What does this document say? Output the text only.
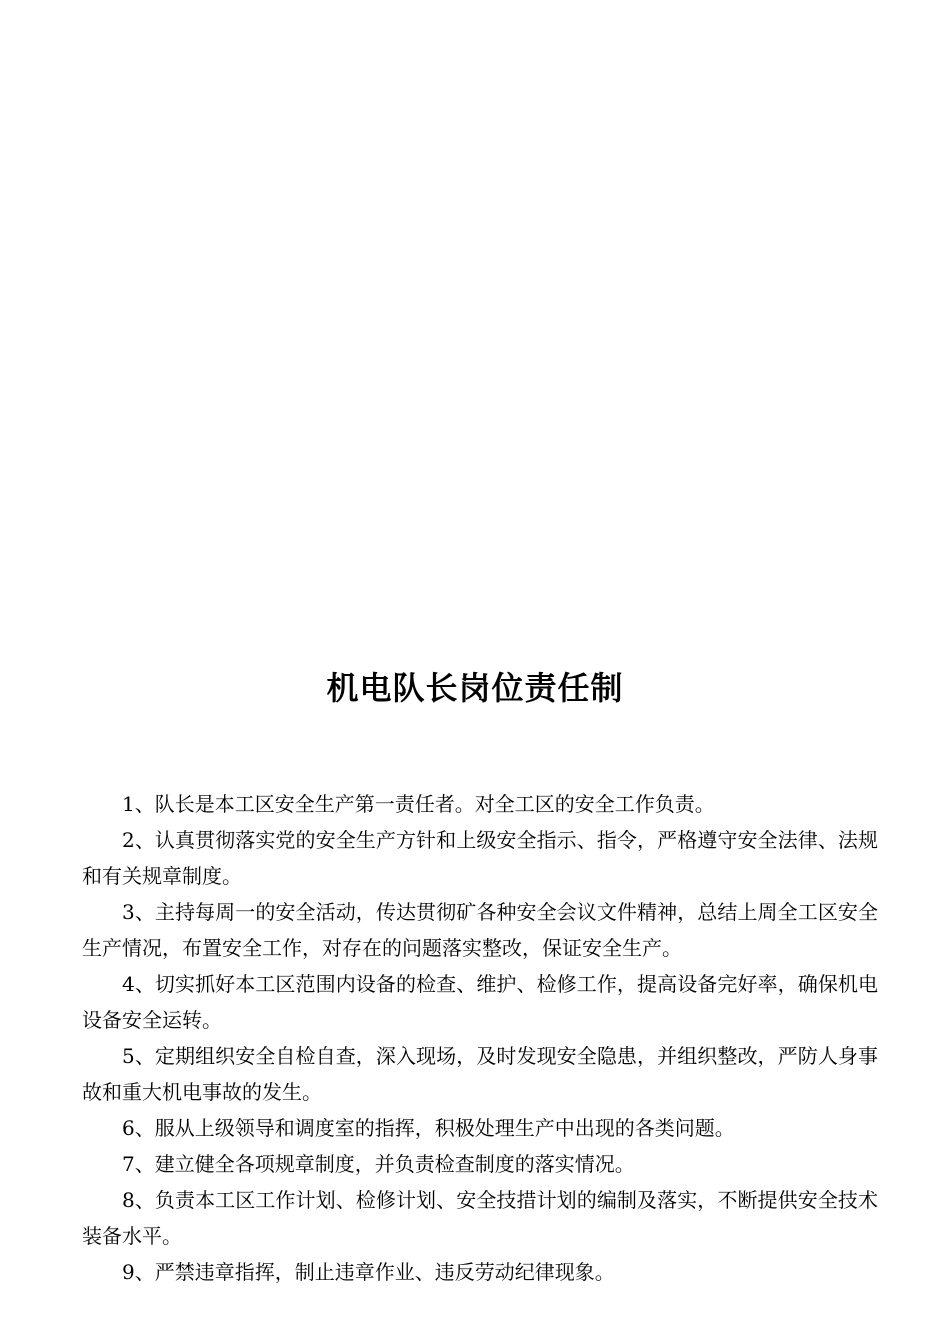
机电队长岗位责任制

1、队长是本工区安全生产第一责任者。对全工区的安全工作负责。

2、认真贯彻落实党的安全生产方针和上级安全指示、指令，严格遵守安全法律、法规和有关规章制度。

3、主持每周一的安全活动，传达贯彻矿各种安全会议文件精神，总结上周全工区安全生产情况，布置安全工作，对存在的问题落实整改，保证安全生产。

4、切实抓好本工区范围内设备的检查、维护、检修工作，提高设备完好率，确保机电设备安全运转。

5、定期组织安全自检自查，深入现场，及时发现安全隐患，并组织整改，严防人身事故和重大机电事故的发生。

6、服从上级领导和调度室的指挥，积极处理生产中出现的各类问题。

7、建立健全各项规章制度，并负责检查制度的落实情况。

8、负责本工区工作计划、检修计划、安全技措计划的编制及落实，不断提供安全技术装备水平。

9、严禁违章指挥，制止违章作业、违反劳动纪律现象。
